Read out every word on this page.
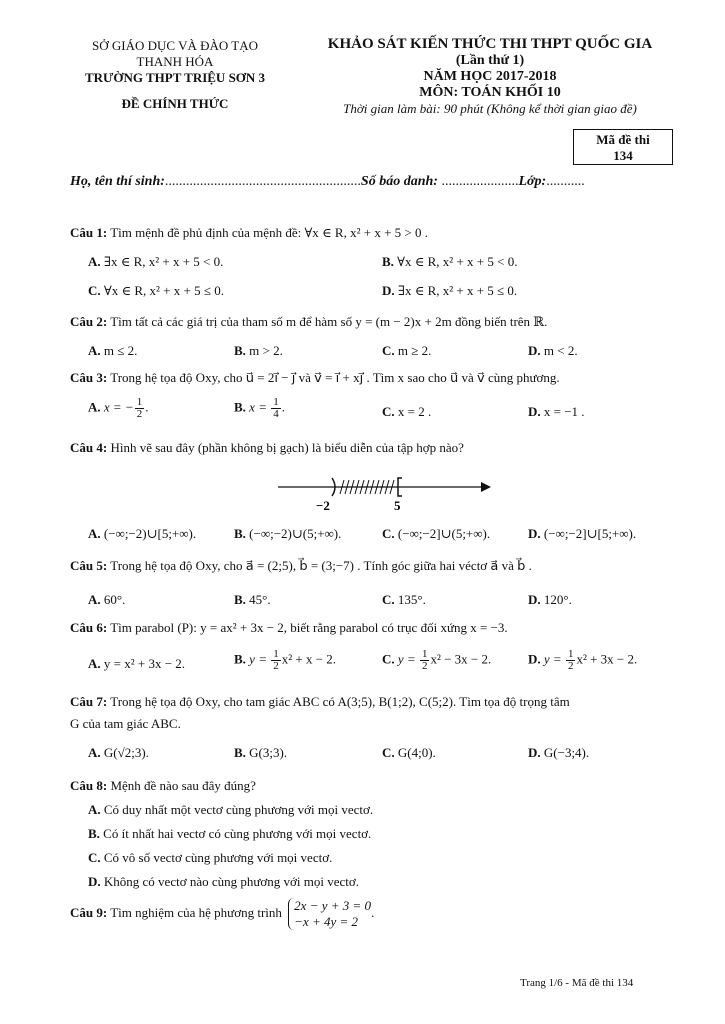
SỞ GIÁO DỤC VÀ ĐÀO TẠO
THANH HÓA
TRƯỜNG THPT TRIỆU SƠN 3
ĐỀ CHÍNH THỨC
KHẢO SÁT KIẾN THỨC THI THPT QUỐC GIA
(Lần thứ 1)
NĂM HỌC 2017-2018
MÔN: TOÁN KHỐI 10
Thời gian làm bài: 90 phút (Không kể thời gian giao đề)
Mã đề thi
134
Họ, tên thí sinh:........................................................Số báo danh: ......................Lớp:...........
Câu 1: Tìm mệnh đề phủ định của mệnh đề: ∀x ∈ R, x² + x + 5 > 0 .
A. ∃x ∈ R, x² + x + 5 < 0.	B. ∀x ∈ R, x² + x + 5 < 0.
C. ∀x ∈ R, x² + x + 5 ≤ 0.	D. ∃x ∈ R, x² + x + 5 ≤ 0.
Câu 2: Tìm tất cả các giá trị của tham số m để hàm số y = (m − 2)x + 2m đồng biến trên ℝ.
A. m ≤ 2.	B. m > 2.	C. m ≥ 2.	D. m < 2.
Câu 3: Trong hệ tọa độ Oxy, cho u⃗ = 2i⃗ − j⃗ và v⃗ = i⃗ + xj⃗ . Tìm x sao cho u⃗ và v⃗ cùng phương.
A. x = − $\frac{1}{2}$ .	B. $x = \frac{1}{4}$ .	C. x = 2 .	D. x = −1 .
Câu 4: Hình vẽ sau đây (phần không bị gạch) là biểu diễn của tập hợp nào?
−2	5
A. (−∞;−2)∪[5;+∞).	B. (−∞;−2)∪(5;+∞).	C. (−∞;−2]∪(5;+∞).	D. (−∞;−2]∪[5;+∞).
Câu 5: Trong hệ tọa độ Oxy, cho a⃗ = (2;5), b⃗ = (3;−7) . Tính góc giữa hai véctơ a⃗ và b⃗ .
A. 60°.	B. 45°.	C. 135°.	D. 120°.
Câu 6: Tìm parabol (P): y = ax² + 3x − 2, biết rằng parabol có trục đối xứng x = −3.
A. y = x² + 3x − 2.	B. $y = \frac{1}{2} x^2 + x - 2$.	C. $y = \frac{1}{2} x^2 - 3x - 2$.	D. $y = \frac{1}{2} x^2 + 3x - 2$.
Câu 7: Trong hệ tọa độ Oxy, cho tam giác ABC có A(3;5), B(1;2), C(5;2). Tìm tọa độ trọng tâm
G của tam giác ABC.
A. G(√2;3).	B. G(3;3).	C. G(4;0).	D. G(−3;4).
Câu 8: Mệnh đề nào sau đây đúng?
A. Có duy nhất một vectơ cùng phương với mọi vectơ.
B. Có ít nhất hai vectơ có cùng phương với mọi vectơ.
C. Có vô số vectơ cùng phương với mọi vectơ.
D. Không có vectơ nào cùng phương với mọi vectơ.
Câu 9: Tìm nghiệm của hệ phương trình 2x − y + 3 = 0
−x + 4y = 2
.
Trang 1/6 - Mã đề thi 134
